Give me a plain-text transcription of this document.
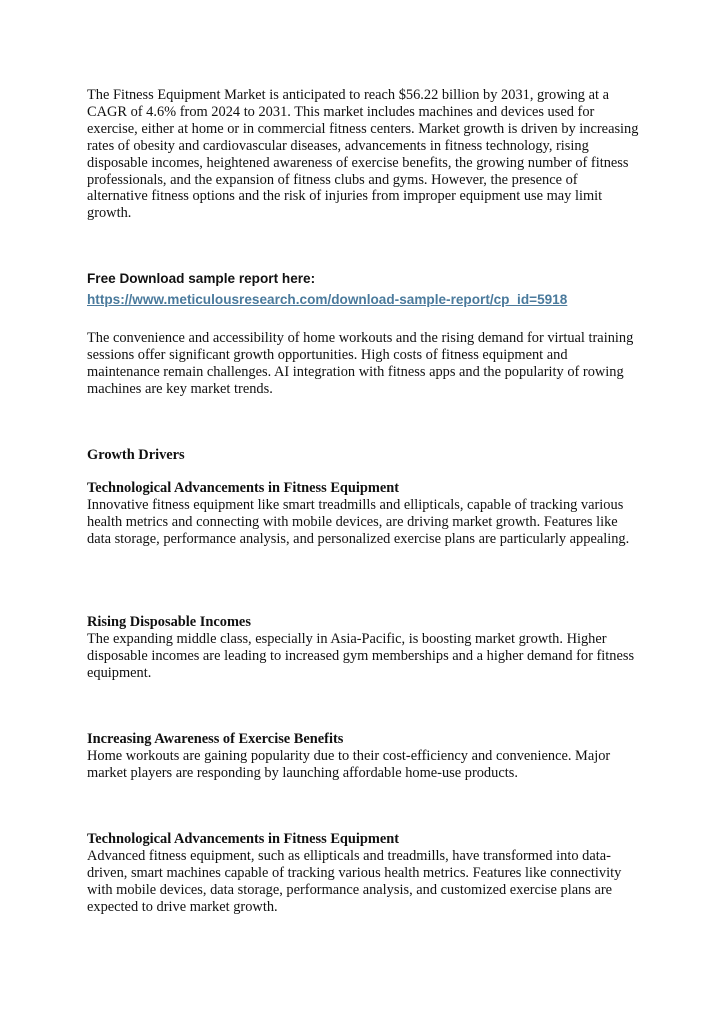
The Fitness Equipment Market is anticipated to reach $56.22 billion by 2031, growing at a CAGR of 4.6% from 2024 to 2031. This market includes machines and devices used for exercise, either at home or in commercial fitness centers. Market growth is driven by increasing rates of obesity and cardiovascular diseases, advancements in fitness technology, rising disposable incomes, heightened awareness of exercise benefits, the growing number of fitness professionals, and the expansion of fitness clubs and gyms. However, the presence of alternative fitness options and the risk of injuries from improper equipment use may limit growth.

Free Download sample report here:

https://www.meticulousresearch.com/download-sample-report/cp_id=5918

The convenience and accessibility of home workouts and the rising demand for virtual training sessions offer significant growth opportunities. High costs of fitness equipment and maintenance remain challenges. AI integration with fitness apps and the popularity of rowing machines are key market trends.

Growth Drivers
Technological Advancements in Fitness Equipment

Innovative fitness equipment like smart treadmills and ellipticals, capable of tracking various health metrics and connecting with mobile devices, are driving market growth. Features like data storage, performance analysis, and personalized exercise plans are particularly appealing.

Rising Disposable Incomes

The expanding middle class, especially in Asia-Pacific, is boosting market growth. Higher disposable incomes are leading to increased gym memberships and a higher demand for fitness equipment.

Increasing Awareness of Exercise Benefits

Home workouts are gaining popularity due to their cost-efficiency and convenience. Major market players are responding by launching affordable home-use products.

Technological Advancements in Fitness Equipment

Advanced fitness equipment, such as ellipticals and treadmills, have transformed into data-driven, smart machines capable of tracking various health metrics. Features like connectivity with mobile devices, data storage, performance analysis, and customized exercise plans are expected to drive market growth.
